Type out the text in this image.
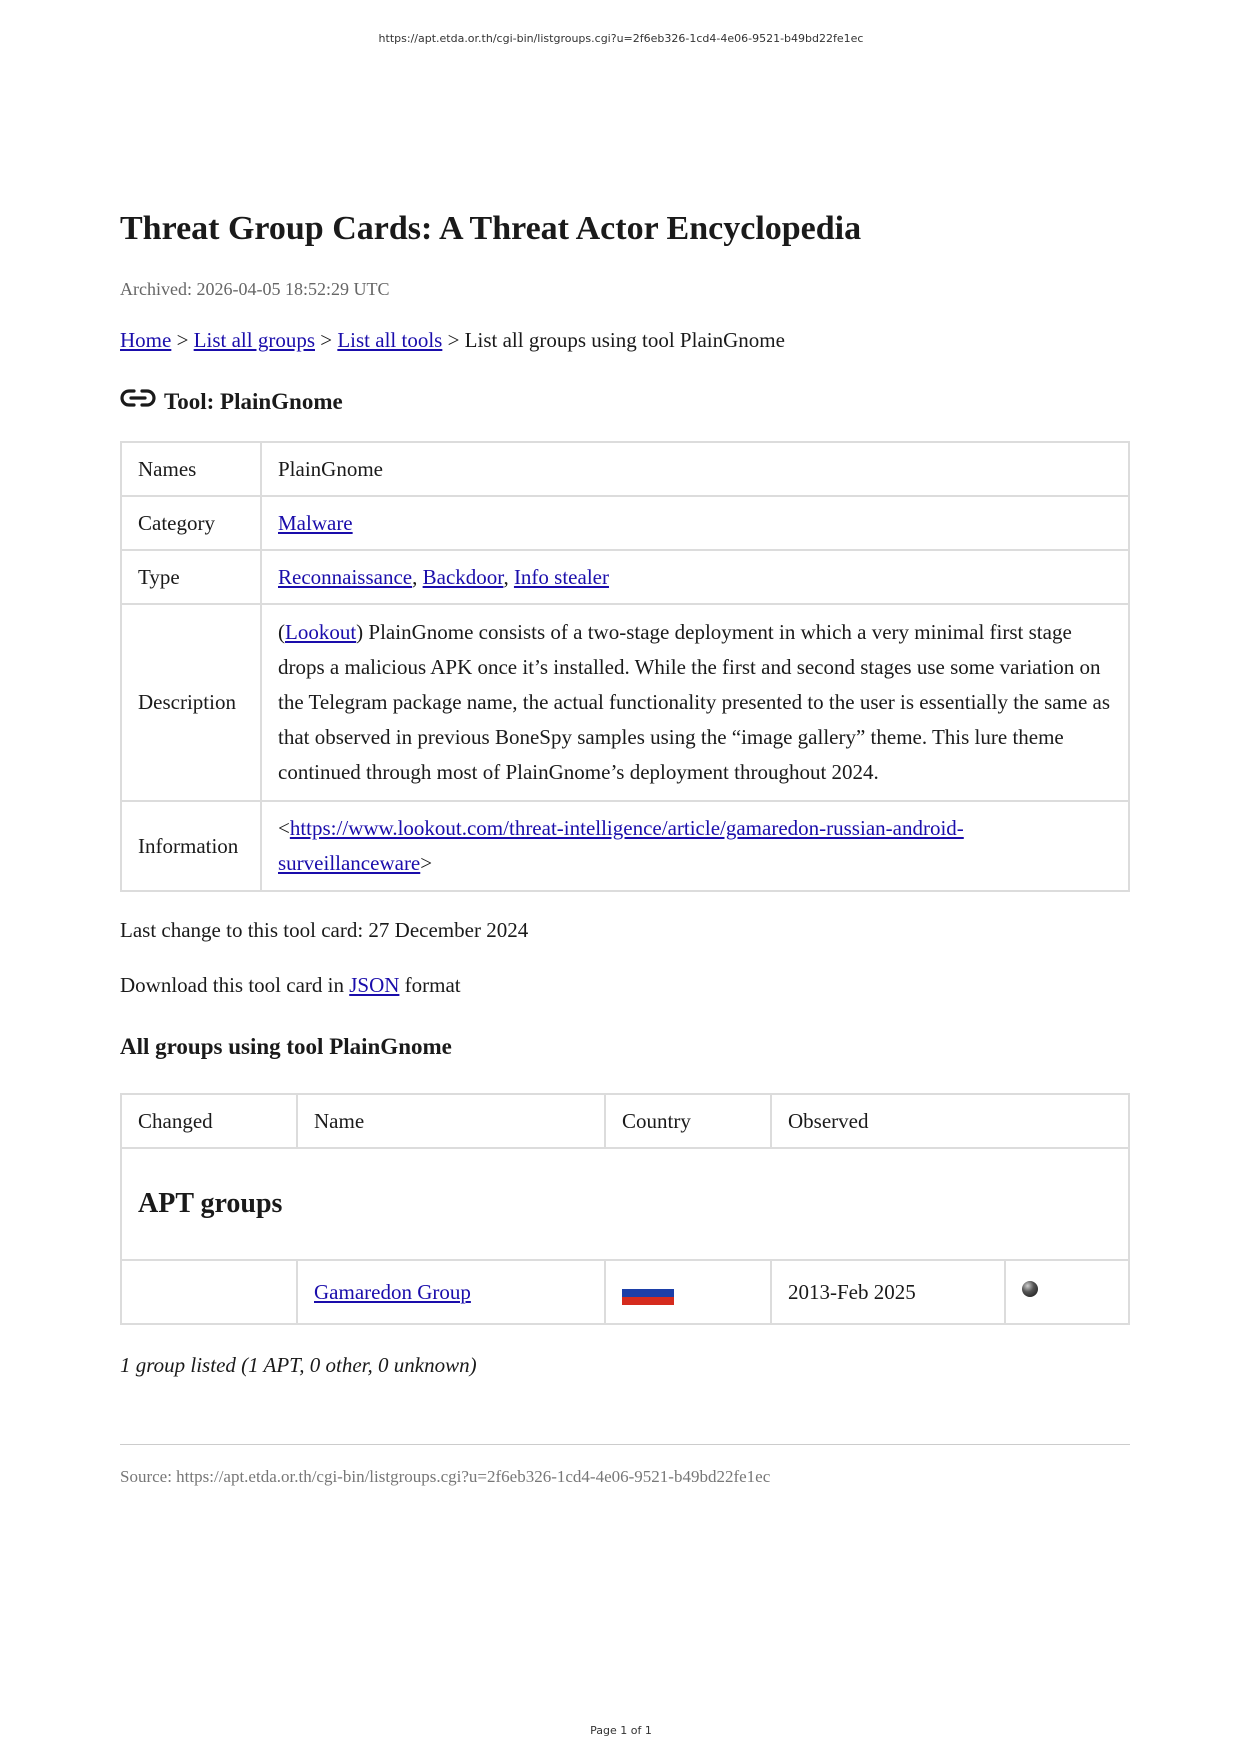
https://apt.etda.or.th/cgi-bin/listgroups.cgi?u=2f6eb326-1cd4-4e06-9521-b49bd22fe1ec
Threat Group Cards: A Threat Actor Encyclopedia
Archived: 2026-04-05 18:52:29 UTC
Home > List all groups > List all tools > List all groups using tool PlainGnome
Tool: PlainGnome
Names	PlainGnome
Category	Malware
Type	Reconnaissance, Backdoor, Info stealer
Description	(Lookout) PlainGnome consists of a two-stage deployment in which a very minimal first stage drops a malicious APK once it’s installed. While the first and second stages use some variation on the Telegram package name, the actual functionality presented to the user is essentially the same as that observed in previous BoneSpy samples using the “image gallery” theme. This lure theme continued through most of PlainGnome’s deployment throughout 2024.
Information	<https://www.lookout.com/threat-intelligence/article/gamaredon-russian-android-surveillanceware>
Last change to this tool card: 27 December 2024
Download this tool card in JSON format
All groups using tool PlainGnome
Changed	Name	Country	Observed	
APT groups				
	Gamaredon Group		2013-Feb 2025	
1 group listed (1 APT, 0 other, 0 unknown)
Source: https://apt.etda.or.th/cgi-bin/listgroups.cgi?u=2f6eb326-1cd4-4e06-9521-b49bd22fe1ec
Page 1 of 1
